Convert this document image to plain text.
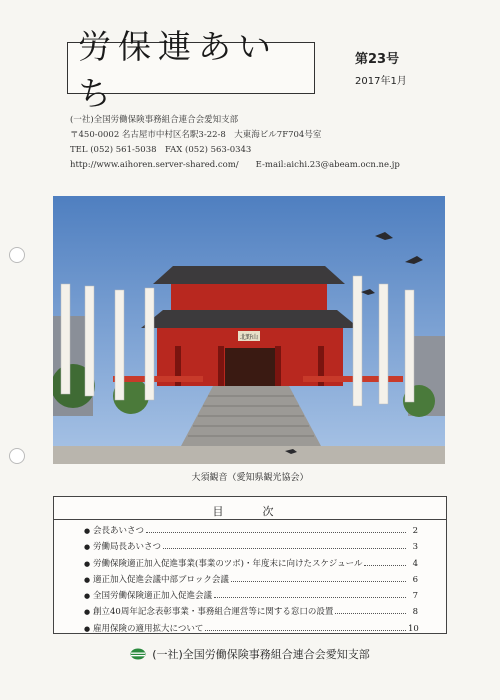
労保連あいち
第23号
2017年1月
(一社)全国労働保険事務組合連合会愛知支部
〒450-0002 名古屋市中村区名駅3-22-8　大東海ビル7F704号室
TEL (052) 561-5038　FAX (052) 563-0343
http://www.aihoren.server-shared.com/　　E-mail:aichi.23@abeam.ocn.ne.jp
北野山
大須観音（愛知県観光協会）
目　次
● 会長あいさつ	2
● 労働局長あいさつ	3
● 労働保険適正加入促進事業(事業のツボ)・年度末に向けたスケジュール	4
● 適正加入促進会議中部ブロック会議	6
● 全国労働保険適正加入促進会議	7
● 創立40周年記念表彰事業・事務組合運営等に関する窓口の設置	8
● 雇用保険の適用拡大について	10
(一社)全国労働保険事務組合連合会愛知支部
